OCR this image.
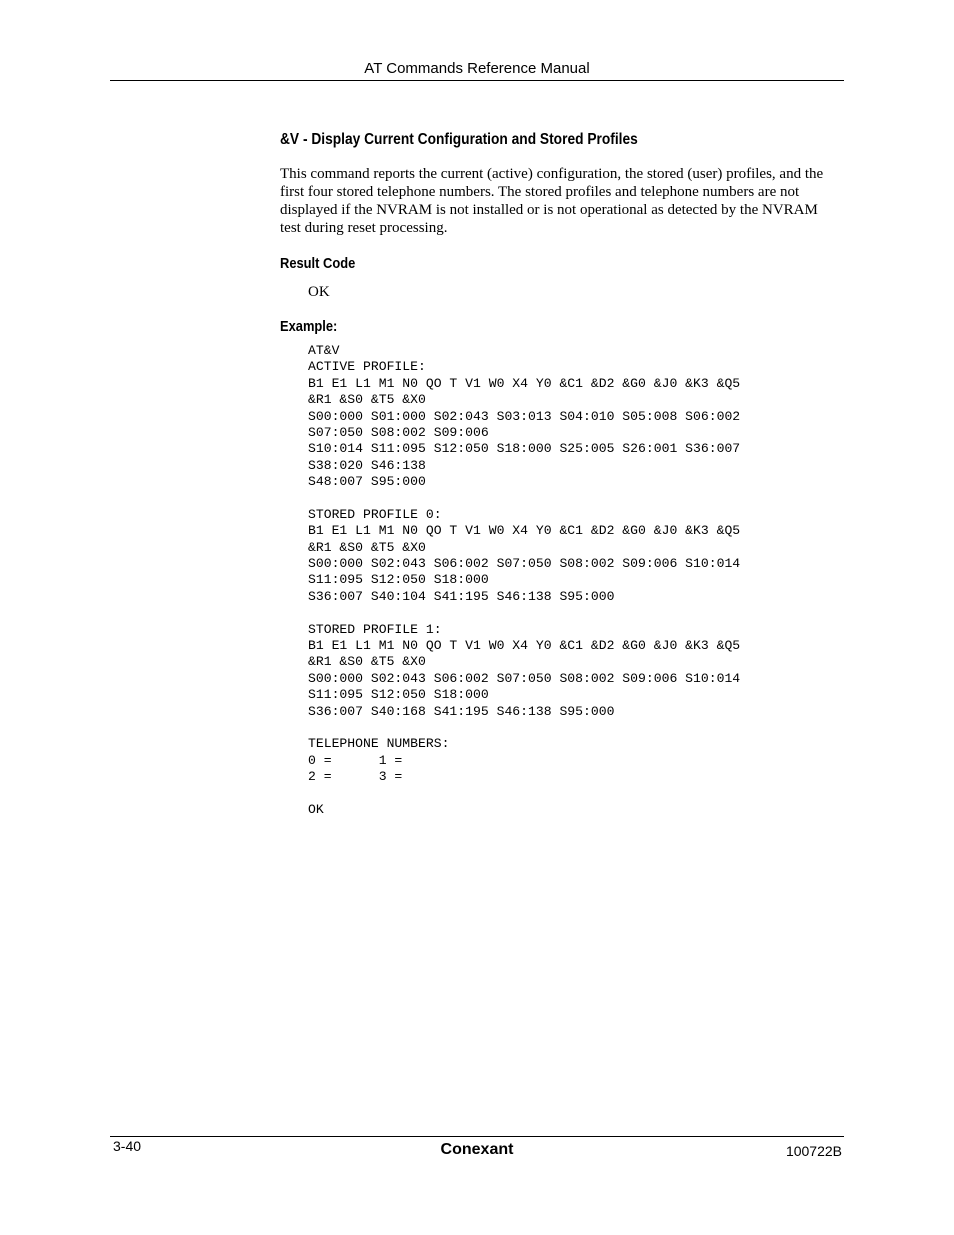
AT Commands Reference Manual
&V - Display Current Configuration and Stored Profiles

This command reports the current (active) configuration, the stored (user) profiles, and the first four stored telephone numbers. The stored profiles and telephone numbers are not displayed if the NVRAM is not installed or is not operational as detected by the NVRAM test during reset processing.

Result Code
OK
Example:
AT&V
ACTIVE PROFILE:
B1 E1 L1 M1 N0 QO T V1 W0 X4 Y0 &C1 &D2 &G0 &J0 &K3 &Q5
&R1 &S0 &T5 &X0
S00:000 S01:000 S02:043 S03:013 S04:010 S05:008 S06:002
S07:050 S08:002 S09:006
S10:014 S11:095 S12:050 S18:000 S25:005 S26:001 S36:007
S38:020 S46:138
S48:007 S95:000
STORED PROFILE 0:
B1 E1 L1 M1 N0 QO T V1 W0 X4 Y0 &C1 &D2 &G0 &J0 &K3 &Q5
&R1 &S0 &T5 &X0
S00:000 S02:043 S06:002 S07:050 S08:002 S09:006 S10:014
S11:095 S12:050 S18:000
S36:007 S40:104 S41:195 S46:138 S95:000
STORED PROFILE 1:
B1 E1 L1 M1 N0 QO T V1 W0 X4 Y0 &C1 &D2 &G0 &J0 &K3 &Q5
&R1 &S0 &T5 &X0
S00:000 S02:043 S06:002 S07:050 S08:002 S09:006 S10:014
S11:095 S12:050 S18:000
S36:007 S40:168 S41:195 S46:138 S95:000
TELEPHONE NUMBERS:
0 =      1 =
2 =      3 =
OK
3-40	Conexant	100722B
